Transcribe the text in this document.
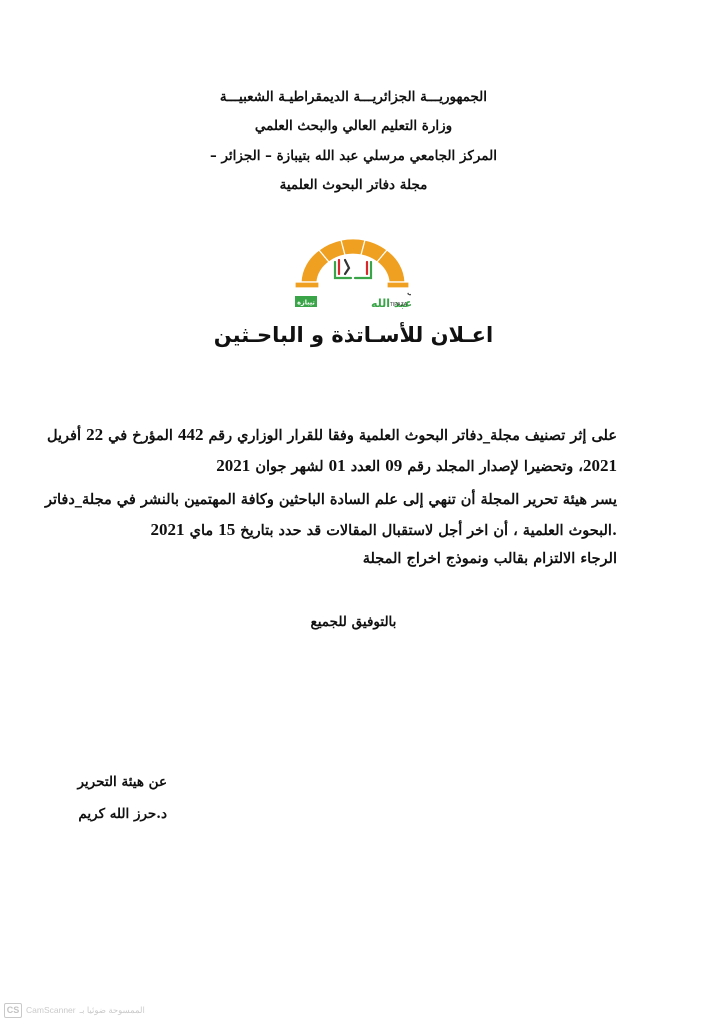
الجمهوريـــة الجزائريـــة الديمقراطيـة الشعبيـــة
وزارة التعليم العالي والبحث العلمي
المركز الجامعي مرسلي عبد الله بتيبازة – الجزائر –
مجلة دفاتر البحوث العلمية
ي
عبد الله
تيبازة	TIPAZA
اعـلان للأسـاتذة و الباحـثين
على إثر تصنيف مجلة_دفاتر البحوث العلمية وفقا للقرار الوزاري رقم 442 المؤرخ في 22 أفريل
2021، وتحضيرا لإصدار المجلد رقم 09 العدد 01 لشهر جوان 2021
يسر هيئة تحرير المجلة أن تنهي إلى علم السادة الباحثين وكافة المهتمين بالنشر في مجلة_دفاتر
.البحوث العلمية ، أن اخر أجل لاستقبال المقالات قد حدد بتاريخ 15 ماي 2021
الرجاء الالتزام بقالب ونموذج اخراج المجلة
بالتوفيق للجميع
عن هيئة التحرير
د.حرز الله كريم
CS CamScanner الممسوحة ضوئيا بـ
